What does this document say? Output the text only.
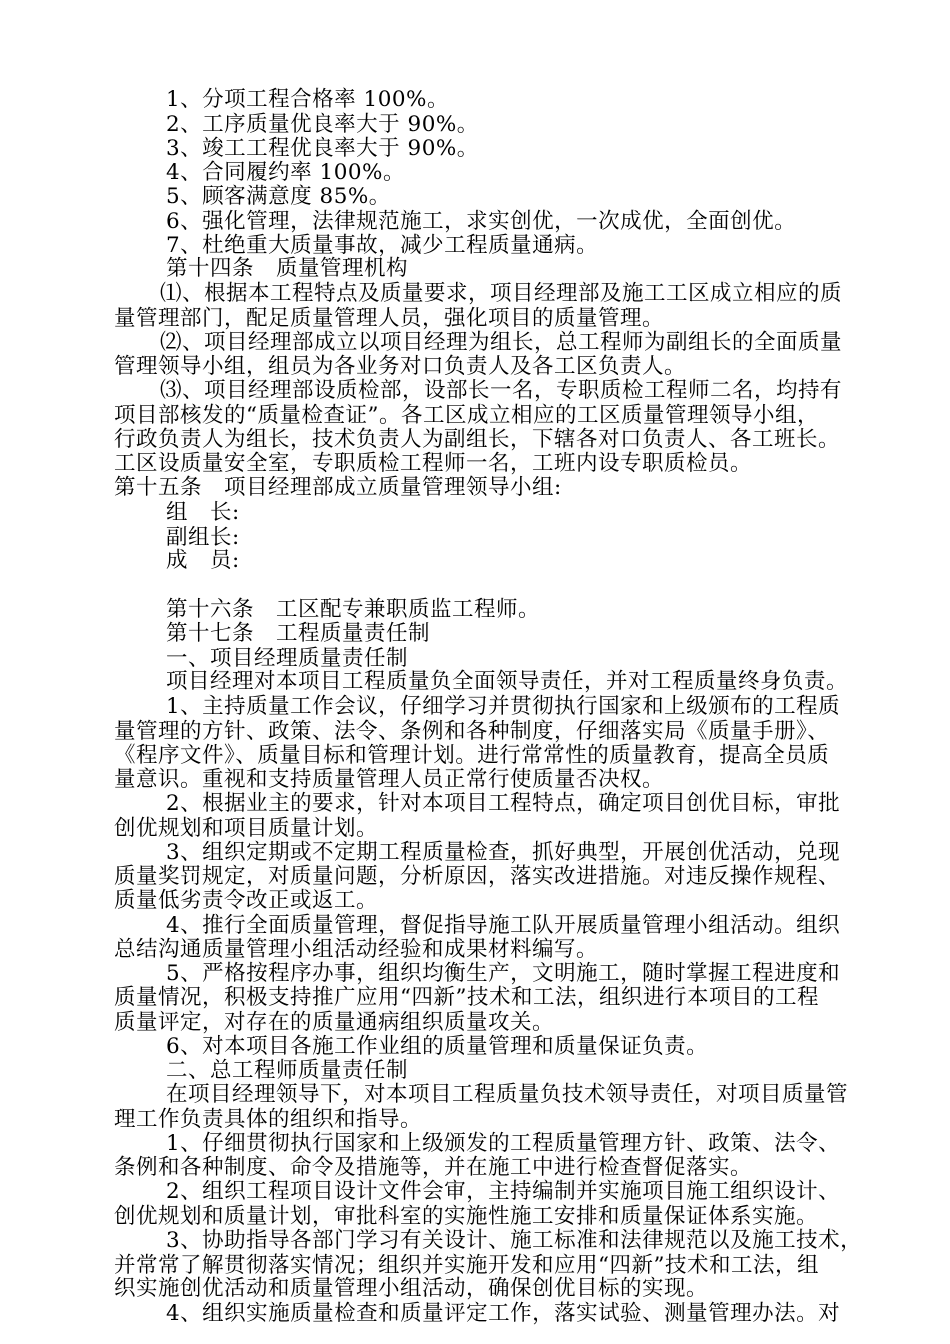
1、分项工程合格率 100%。
2、工序质量优良率大于 90%。
3、竣工工程优良率大于 90%。
4、合同履约率 100%。
5、顾客满意度 85%。
6、强化管理，法律规范施工，求实创优，一次成优，全面创优。
7、杜绝重大质量事故，减少工程质量通病。
第十四条　质量管理机构
⑴、根据本工程特点及质量要求，项目经理部及施工工区成立相应的质
量管理部门，配足质量管理人员，强化项目的质量管理。
⑵、项目经理部成立以项目经理为组长，总工程师为副组长的全面质量
管理领导小组，组员为各业务对口负责人及各工区负责人。
⑶、项目经理部设质检部，设部长一名，专职质检工程师二名，均持有
项目部核发的“质量检查证”。各工区成立相应的工区质量管理领导小组，
行政负责人为组长，技术负责人为副组长，下辖各对口负责人、各工班长。
工区设质量安全室，专职质检工程师一名，工班内设专职质检员。
第十五条　项目经理部成立质量管理领导小组:
组　长:
副组长:
成　员:
第十六条　工区配专兼职质监工程师。
第十七条　工程质量责任制
一、项目经理质量责任制
项目经理对本项目工程质量负全面领导责任，并对工程质量终身负责。
1、主持质量工作会议，仔细学习并贯彻执行国家和上级颁布的工程质
量管理的方针、政策、法令、条例和各种制度，仔细落实局《质量手册》、
《程序文件》、质量目标和管理计划。进行常常性的质量教育，提高全员质
量意识。重视和支持质量管理人员正常行使质量否决权。
2、根据业主的要求，针对本项目工程特点，确定项目创优目标，审批
创优规划和项目质量计划。
3、组织定期或不定期工程质量检查，抓好典型，开展创优活动，兑现
质量奖罚规定，对质量问题，分析原因，落实改进措施。对违反操作规程、
质量低劣责令改正或返工。
4、推行全面质量管理，督促指导施工队开展质量管理小组活动。组织
总结沟通质量管理小组活动经验和成果材料编写。
5、严格按程序办事，组织均衡生产，文明施工，随时掌握工程进度和
质量情况，积极支持推广应用“四新”技术和工法，组织进行本项目的工程
质量评定，对存在的质量通病组织质量攻关。
6、对本项目各施工作业组的质量管理和质量保证负责。
二、总工程师质量责任制
在项目经理领导下，对本项目工程质量负技术领导责任，对项目质量管
理工作负责具体的组织和指导。
1、仔细贯彻执行国家和上级颁发的工程质量管理方针、政策、法令、
条例和各种制度、命令及措施等，并在施工中进行检查督促落实。
2、组织工程项目设计文件会审，主持编制并实施项目施工组织设计、
创优规划和质量计划，审批科室的实施性施工安排和质量保证体系实施。
3、协助指导各部门学习有关设计、施工标准和法律规范以及施工技术，
并常常了解贯彻落实情况；组织并实施开发和应用“四新”技术和工法，组
织实施创优活动和质量管理小组活动，确保创优目标的实现。
4、组织实施质量检查和质量评定工作，落实试验、测量管理办法。对
